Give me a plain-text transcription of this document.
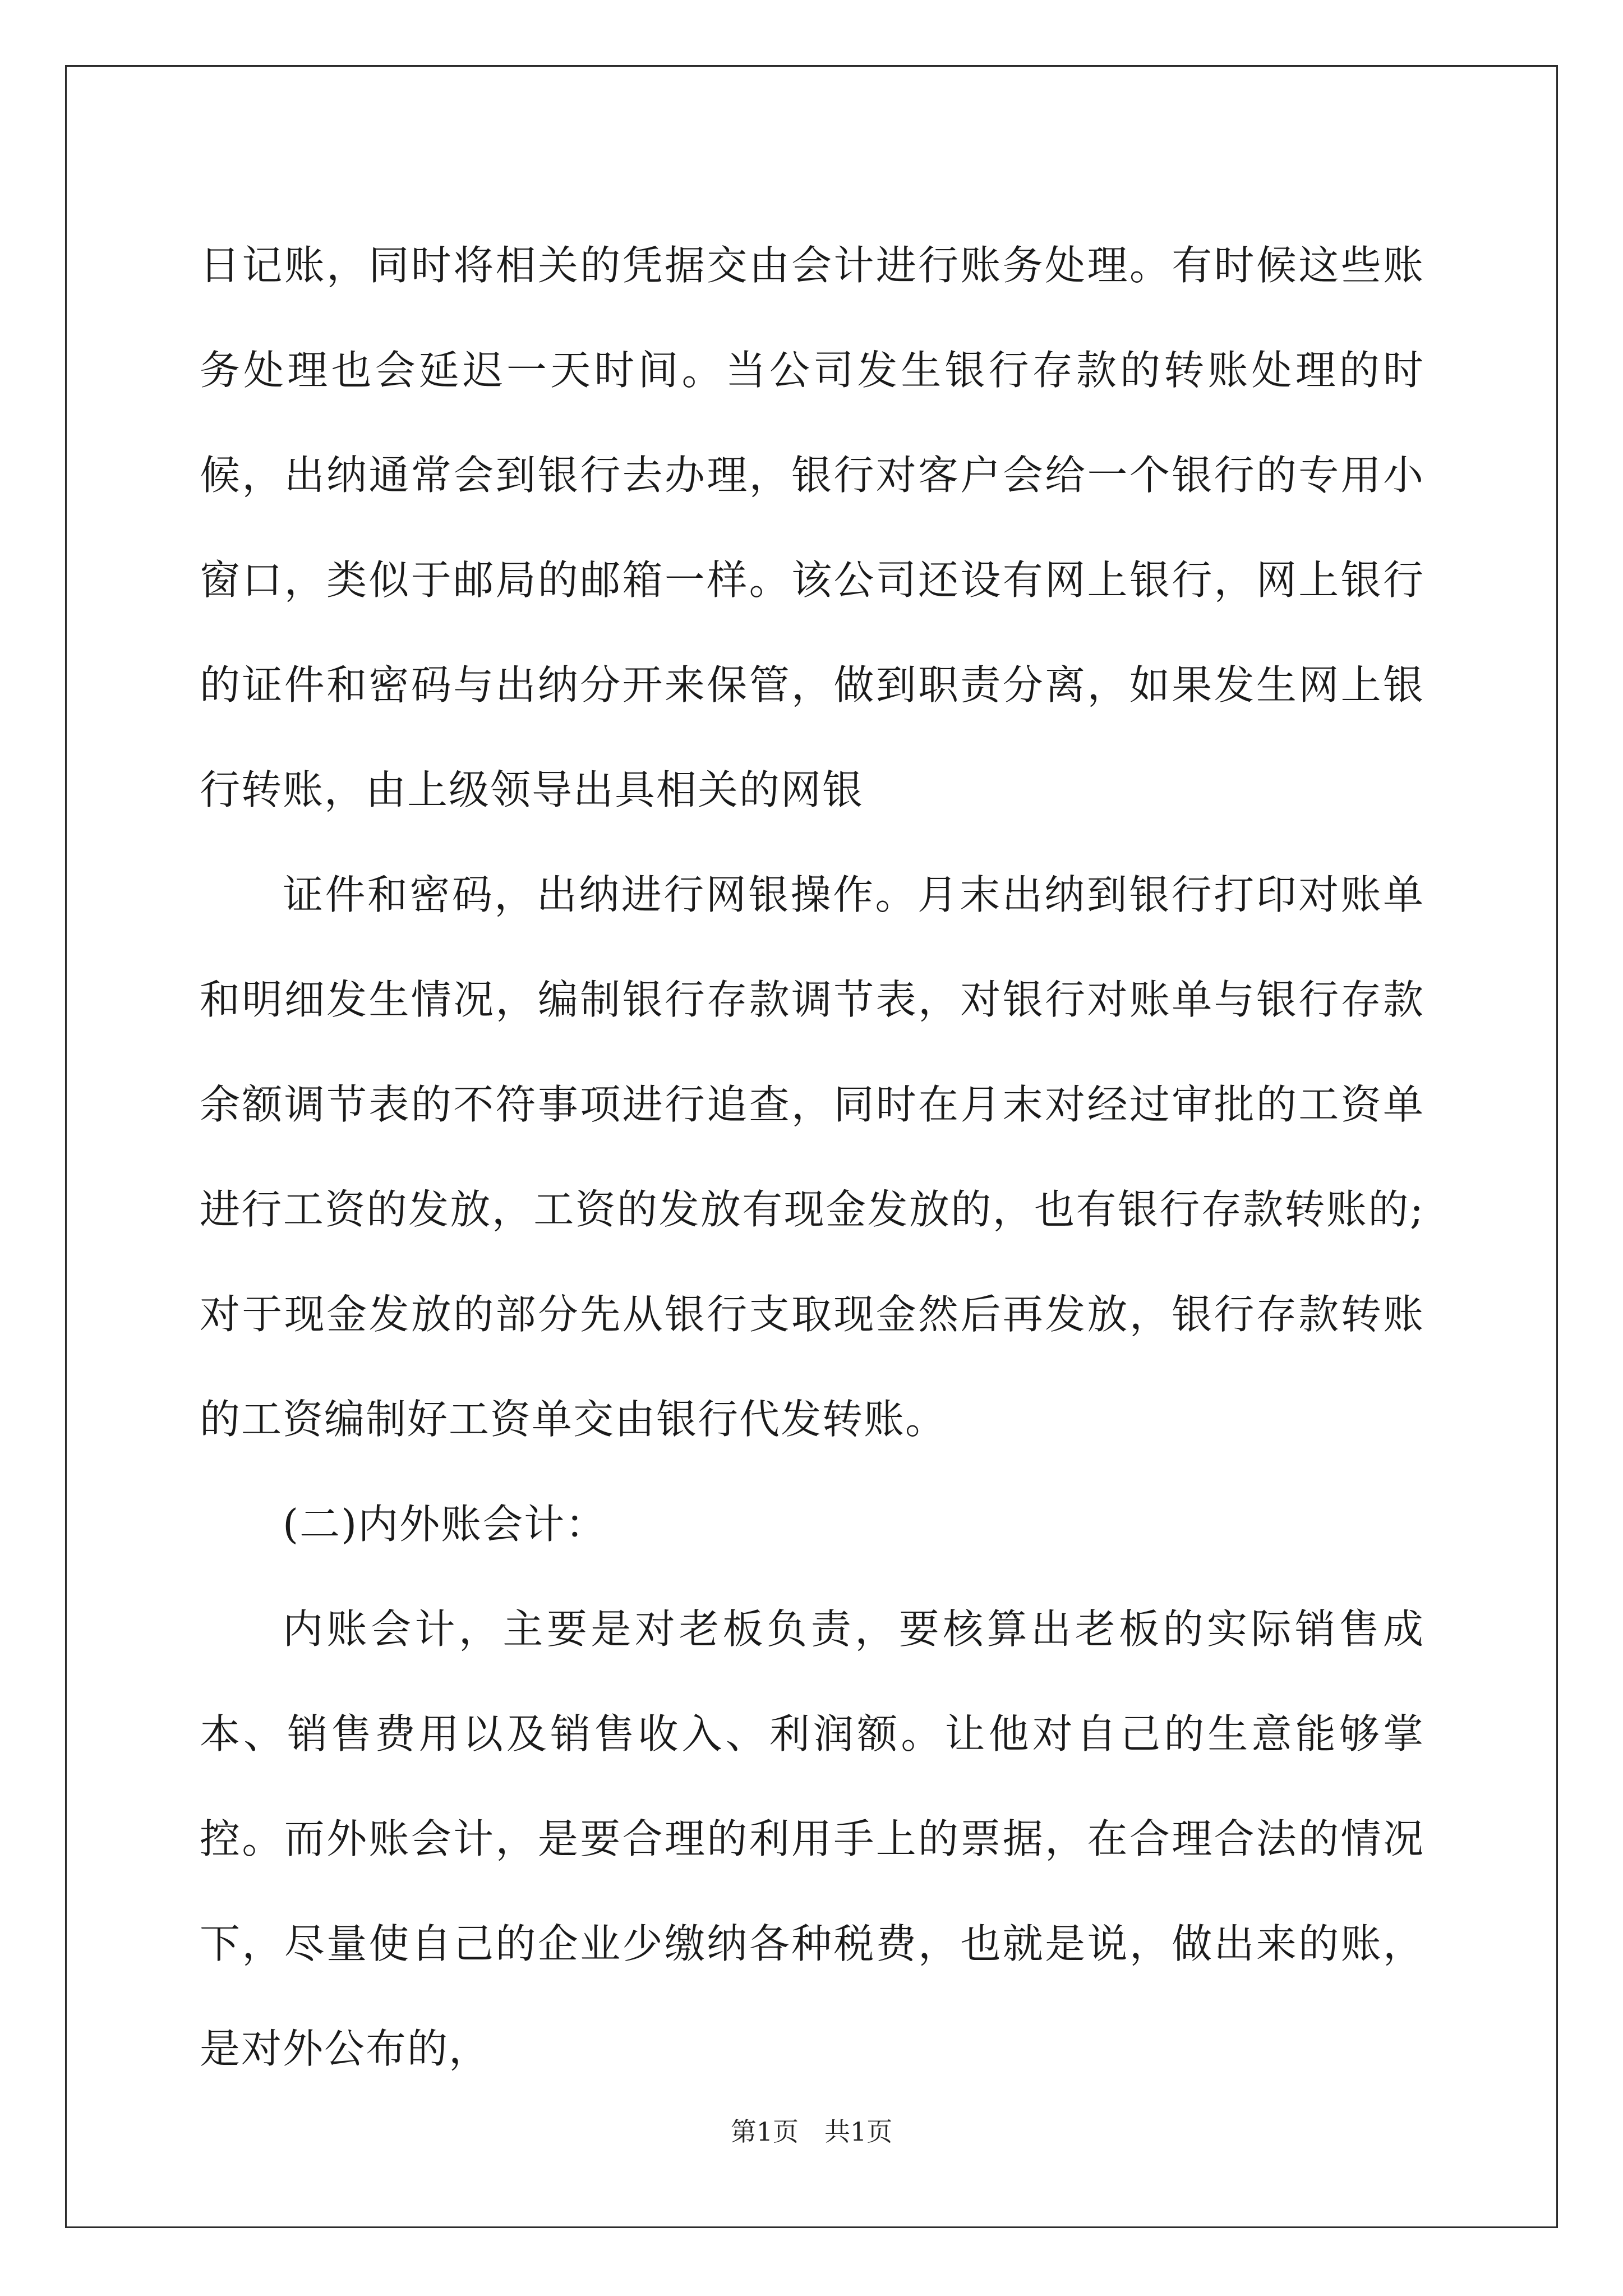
日记账，同时将相关的凭据交由会计进行账务处理。有时候这些账务处理也会延迟一天时间。当公司发生银行存款的转账处理的时候，出纳通常会到银行去办理，银行对客户会给一个银行的专用小窗口，类似于邮局的邮箱一样。该公司还设有网上银行，网上银行的证件和密码与出纳分开来保管，做到职责分离，如果发生网上银行转账，由上级领导出具相关的网银

证件和密码，出纳进行网银操作。月末出纳到银行打印对账单和明细发生情况，编制银行存款调节表，对银行对账单与银行存款余额调节表的不符事项进行追查，同时在月末对经过审批的工资单进行工资的发放，工资的发放有现金发放的，也有银行存款转账的;对于现金发放的部分先从银行支取现金然后再发放，银行存款转账的工资编制好工资单交由银行代发转账。

(二)内外账会计：

内账会计，主要是对老板负责，要核算出老板的实际销售成本、销售费用以及销售收入、利润额。让他对自己的生意能够掌控。而外账会计，是要合理的利用手上的票据，在合理合法的情况下，尽量使自己的企业少缴纳各种税费，也就是说，做出来的账，是对外公布的，

第1页　共1页
